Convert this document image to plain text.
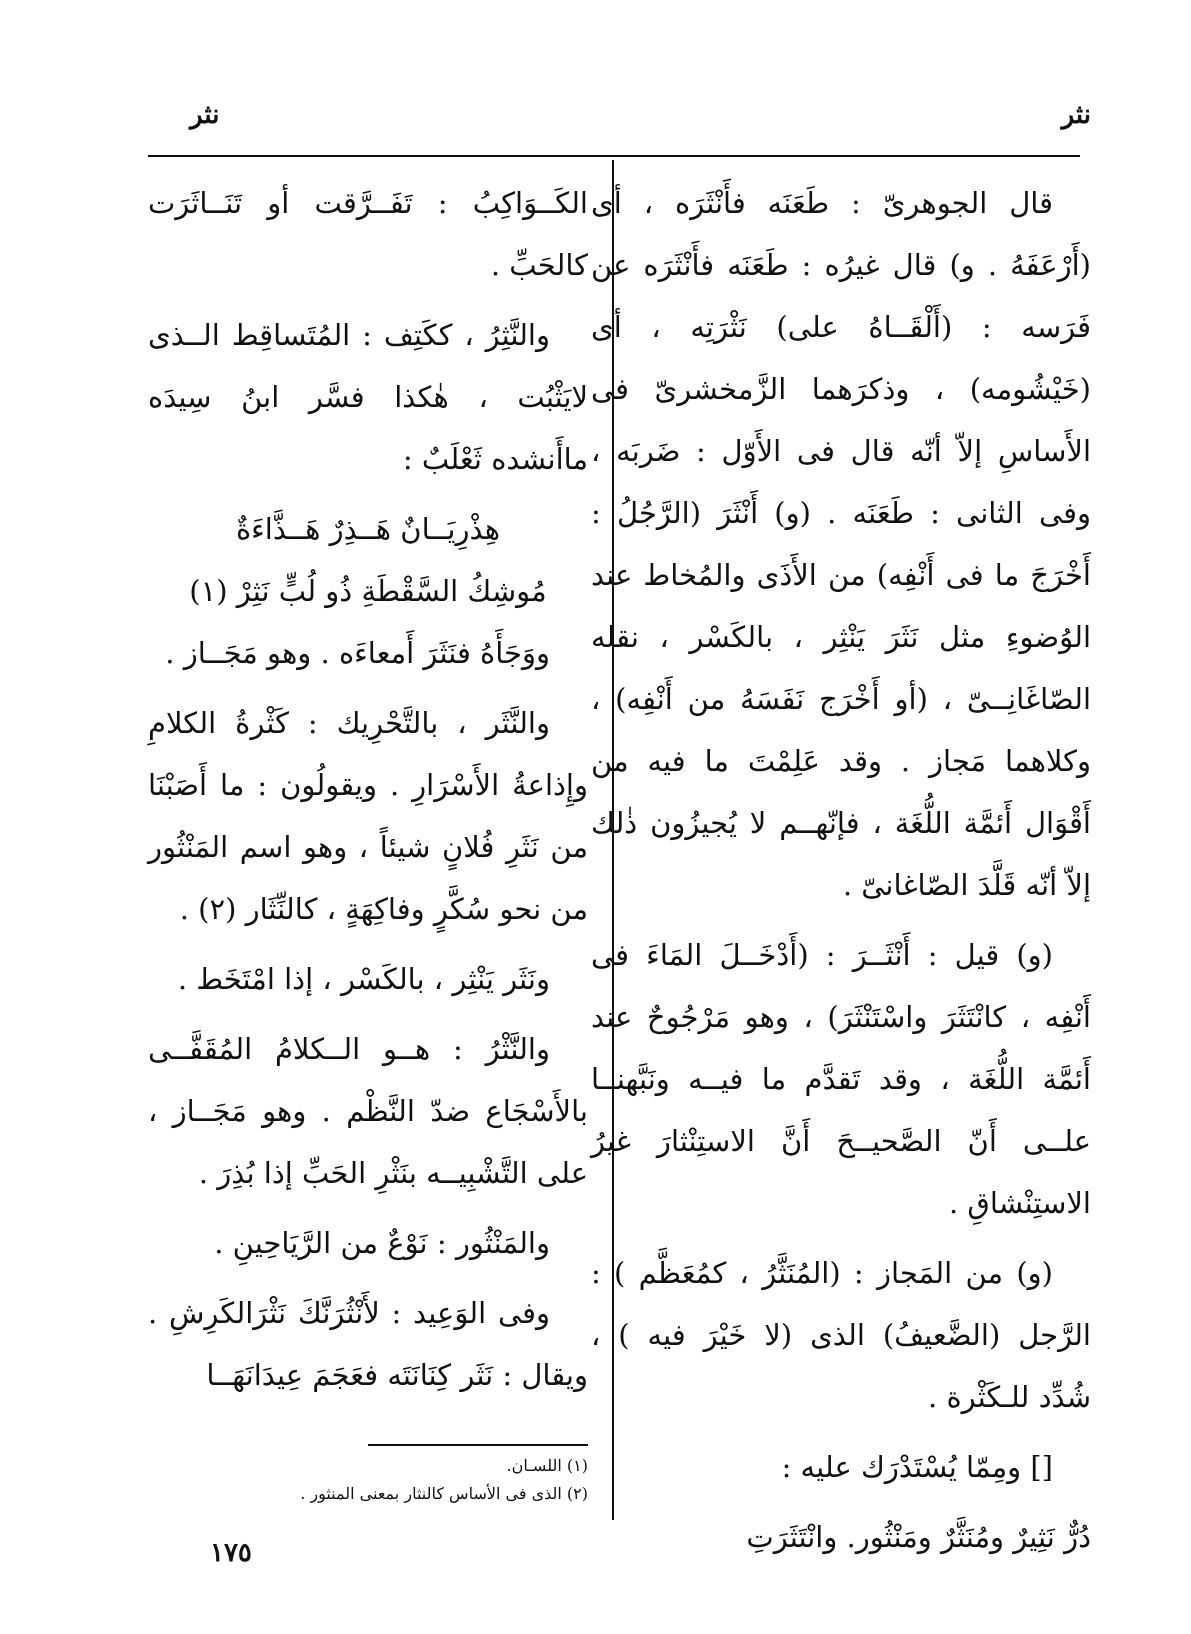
نثر
نثر

قال الجوهرىّ : طَعَنَه فأَنْثَرَه ، أى (أَرْعَفَهُ . و) قال غيرُه : طَعَنَه فأَنْثَرَه عن فَرَسه : (أَلْقَــاهُ على) نَثْرَتِه ، أى (خَيْشُومه) ، وذكرَهما الزَّمخشرىّ فى الأَساسِ إلاّ أنّه قال فى الأَوّل : ضَربَه ، وفى الثانى : طَعَنَه . (و) أَنْثَرَ (الرَّجُلُ : أَخْرَجَ ما فى أَنْفِه) من الأَذَى والمُخاط عند الوُضوءِ مثل نَثَرَ يَنْثِر ، بالكَسْر ، نقله الصّاغَانِــىّ ، (أو أَخْرَج نَفَسَهُ من أَنْفِه) ، وكلاهما مَجاز . وقد عَلِمْتَ ما فيه من أَقْوَال أَئمَّة اللُّغَة ، فإنّهــم لا يُجيزُون ذٰلك إلاّ أنّه قَلَّدَ الصّاغانىّ .

(و) قيل : أَنْثَــرَ : (أَدْخَــلَ المَاءَ فى أَنْفِه ، كانْتَثَرَ واسْتَنْثَرَ) ، وهو مَرْجُوحٌ عند أَئمَّة اللُّغَة ، وقد تَقدَّم ما فيــه ونَبَّهنــا علــى أَنّ الصَّحيــحَ أَنَّ الاستِنْثارَ غيرُ الاستِنْشاقِ .

(و) من المَجاز : (المُنَثَّرُ ، كمُعَظَّم ) : الرَّجل (الضَّعيفُ) الذى (لا خَيْرَ فيه ) ، شُدِّد للـكَثْرة .

[] ومِمّا يُسْتَدْرَك عليه :

دُرٌّ نَثِيرٌ ومُنَثَّرٌ ومَنْثُور. وانْتَثَرَتِ

الكَــوَاكِبُ : تَفَــرَّقت أو تَنَــاثَرَت كالحَبِّ .

والنَّثِرُ ، ككَتِف : المُتَساقِط الــذى لايَثْبُت ، هٰكذا فسَّر ابنُ سِيدَه ماأَنشده ثَعْلَبٌ :

هِذْرِيَــانٌ هَــذِرٌ هَــذَّاءَةٌ

مُوشِكُ السَّقْطَةِ ذُو لُبٍّ نَثِرْ (١)

ووَجَأَهُ فنَثَرَ أَمعاءَه . وهو مَجَــاز .

والنَّثَر ، بالتَّحْرِيك : كَثْرةُ الكلامِ وإِذاعةُ الأَسْرَارِ . ويقولُون : ما أَصَبْنَا من نَثَرِ فُلانٍ شيئاً ، وهو اسم المَنْثُور من نحو سُكَّرٍ وفاكِهَةٍ ، كالنِّثَار (٢) .

ونَثَر يَنْثِر ، بالكَسْر ، إذا امْتَخَط .

والنَّثْرُ : هــو الــكلامُ المُقَفَّــى بالأَسْجَاع ضدّ النَّظْم . وهو مَجَــاز ، على التَّشْبِيــه بنَثْرِ الحَبِّ إذا بُذِرَ .

والمَنْثُور : نَوْعٌ من الرَّيَاحِينِ .

وفى الوَعِيد : لأَنْثُرَنَّكَ نَثْرَالكَرِشِ . ويقال : نَثَر كِنَانَتَه فعَجَمَ عِيدَانَهَــا

(١) اللسـان.
(٢) الذى فى الأساس كالنثار بمعنى المنثور .
١٧٥
